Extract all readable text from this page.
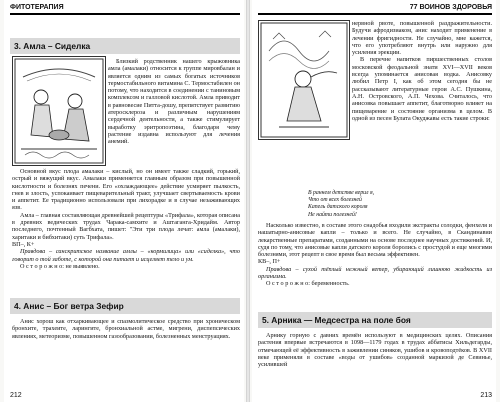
ФИТОТЕРАПИЯ
3. Амла – Сиделка

Близкий родственник нашего крыжовника амла (амалаки) относится к группе мировбалан и является одним из самых богатых источников термостабильного витамина С. Термостабилен он потому, что находится в соединении с таниновым комплексом и галловой кислотой. Амла приводит в равновесие Питта-дошу, препятствует развитию атеросклероза и различным нарушениям сердечной деятельности, а также стимулирует выработку эритропоэтина, благодаря чему растение издавна используют для лечения анемий.

Основной вкус плода амалаки – кислый, но он имеет также сладкий, горький, острый и вяжущий вкус. Амалаки применяется главным образом при повышенной кислотности и болезнях печени. Его «охлаждающее» действие усмиряет пылкость, гнев и злость, успокаивает пищеварительный тракт, улучшает свертываемость крови и аппетит. Ее традиционно использовали при лихорадке и в случае незаживающих язв.

Амла – главная составляющая древнейшей рецептуры «Трифала», которая описана в древних ведических трудах Чарака-самхите и Аштаганга-Хридайм. Автор последнего, почтенный Вагбхата, пишет: "Эти три плода лечат: амла (амалаки), харитаки и бибхитаки) суть Трифала».

ВП–, К+

Правдова – санскритское название амлы – «кормилица» или «сиделка», что говорит о той заботе, с которой она питает и исцеляет тело и ум.

О с т о р о ж н о: не выявлено.

4. Анис – Бог ветра Зефир

Анис хорош как отхаркивающее и спазмолитическое средство при хроническом бронхите, трахеите, ларингите, бронхиальной астме, мигрени, диспепсических явлениях, метеоризме, повышенном газообразовании, болезненных менструациях.

212
77 ВОИНОВ ЗДОРОВЬЯ

нервной рвоте, повышенной раздражительности. Будучи афродизиаком, анис находит применение в лечении фригидности. Не случайно, мне кажется, что его употребляют внутрь или наружно для усиления эрекции.

В перечне напитков пиршественных столов московской феодальной знати XVI—XVII веков всегда упоминается анисовая водка. Анисовку любил Петр I, как об этом сегодня бы не рассказывают литературные герои А.С. Пушкина, А.Н. Островского, А.П. Чехова. Считалось, что анисовка повышает аппетит, благотворно влияет на пищеварение и состояние организма в целом. В одной из песен Булата Окуджавы есть такие строки:

В раннем детстве верил я,
Что от всех болезней
Капель датского короля
Не найти полезней!

Насколько известно, в составе этого снадобья входили экстракты солодки, фенхеля и нашатырно-анисовые капли – только и всего. Не случайно, в Скандинавии лекарственные препаратами, созданными на основе последнее научных достижений. И, судя по тому, что анисовые капли датского короля боролись с простудой и еще многими болезнями, этот рецепт в свое время был весьма эффективен.

КВ–, П+

Правдова – сухой тёплый нежный ветер, убирающий лишнюю жидкость из организма.

О с т о р о ж н о: беременность.

5. Арника — Медсестра на поле боя

Арнику горную с давних времён используют в медицинских целях. Описания растения впервые встречаются в 1098—1179 годах в трудах аббатисы Хильдегарды, отмечающей её эффективность в заживлении синяков, ушибов и кровоподтёков. В XVII веке применяли в составе «воды от ушибов» созданной маркизой де Севинье, усилившей

213
